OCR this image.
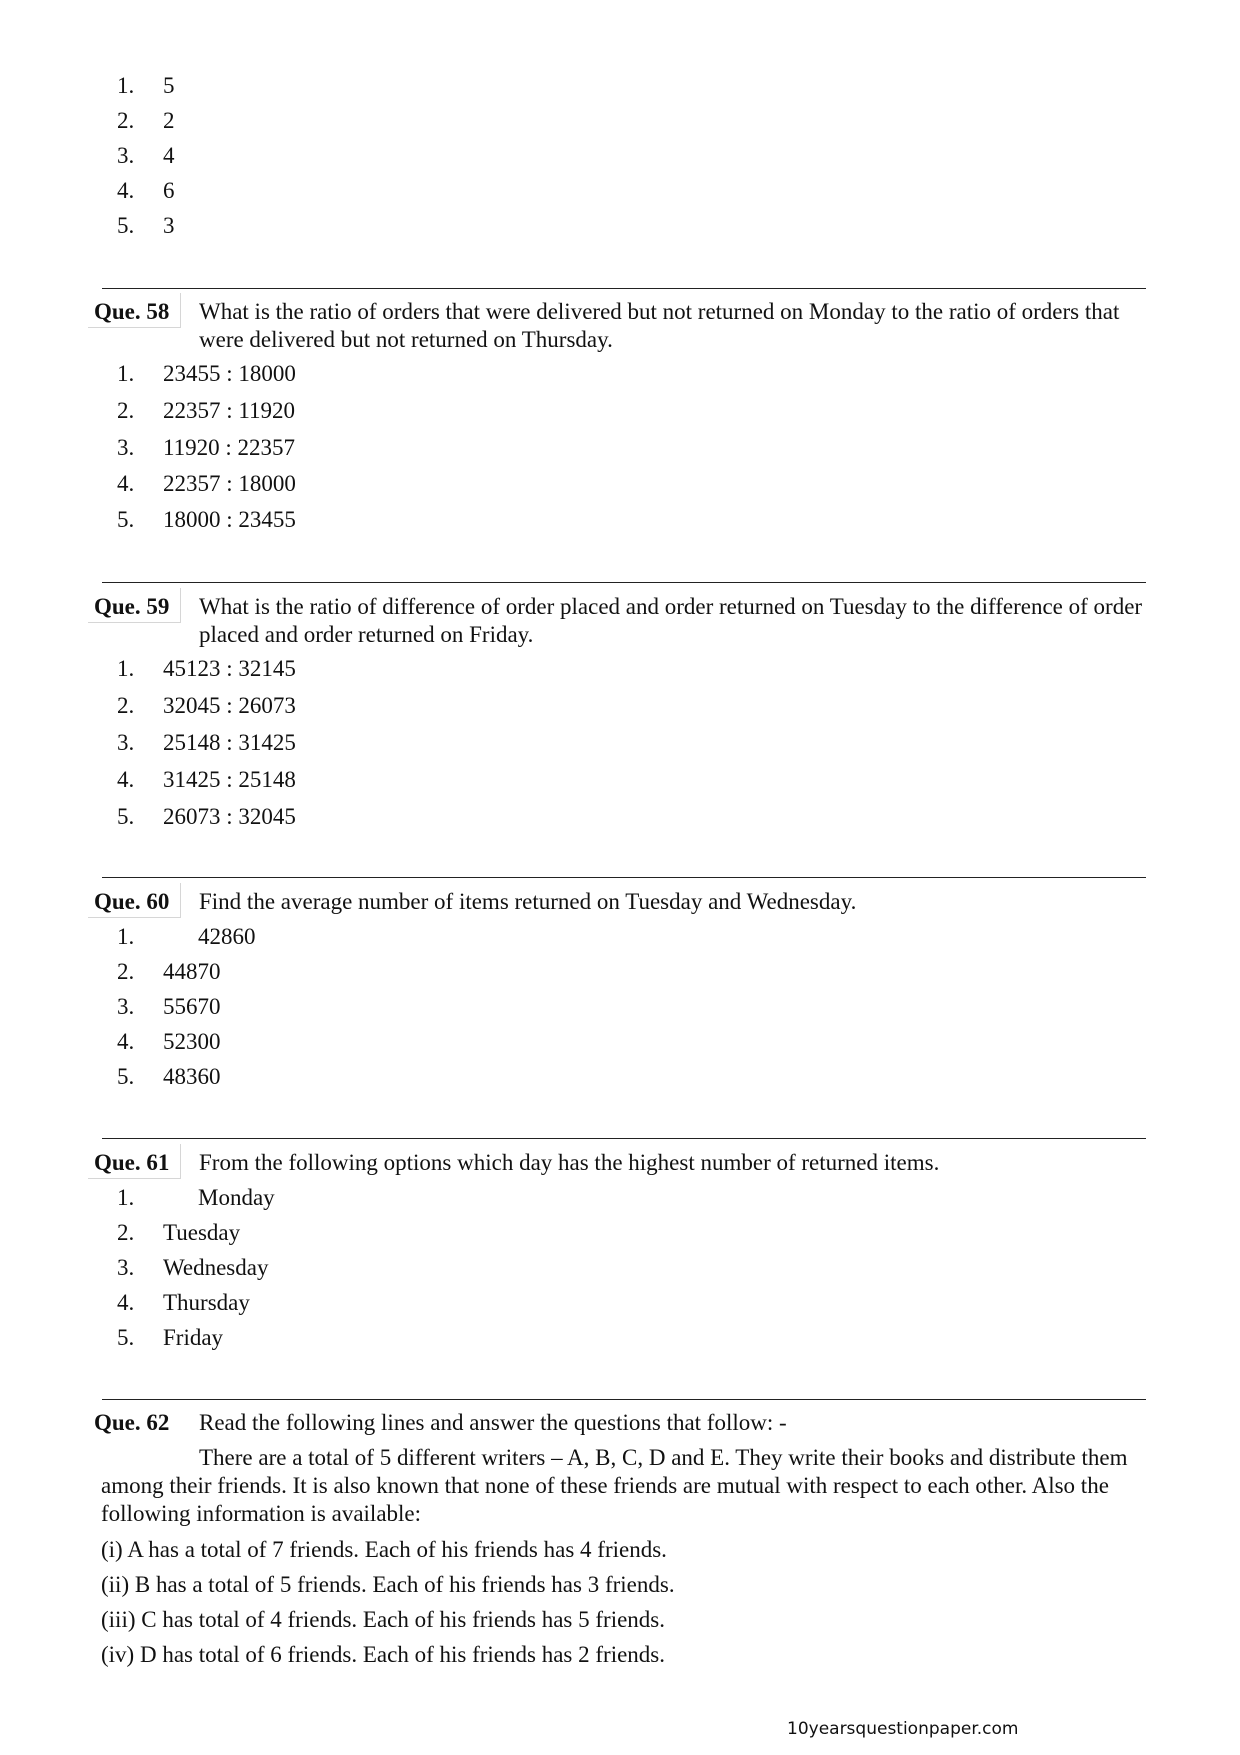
1.	5
2.	2
3.	4
4.	6
5.	3
Que. 58 What is the ratio of orders that were delivered but not returned on Monday to the ratio of orders that were delivered but not returned on Thursday.
1.	23455 : 18000
2.	22357 : 11920
3.	11920 : 22357
4.	22357 : 18000
5.	18000 : 23455
Que. 59 What is the ratio of difference of order placed and order returned on Tuesday to the difference of order placed and order returned on Friday.
1.	45123 : 32145
2.	32045 : 26073
3.	25148 : 31425
4.	31425 : 25148
5.	26073 : 32045
Que. 60 Find the average number of items returned on Tuesday and Wednesday.
1.	42860
2.	44870
3.	55670
4.	52300
5.	48360
Que. 61 From the following options which day has the highest number of returned items.
1.	Monday
2.	Tuesday
3.	Wednesday
4.	Thursday
5.	Friday
Que. 62 Read the following lines and answer the questions that follow: -
There are a total of 5 different writers – A, B, C, D and E. They write their books and distribute them among their friends. It is also known that none of these friends are mutual with respect to each other. Also the following information is available:
(i) A has a total of 7 friends. Each of his friends has 4 friends.
(ii) B has a total of 5 friends. Each of his friends has 3 friends.
(iii) C has total of 4 friends. Each of his friends has 5 friends.
(iv) D has total of 6 friends. Each of his friends has 2 friends.
10yearsquestionpaper.com
